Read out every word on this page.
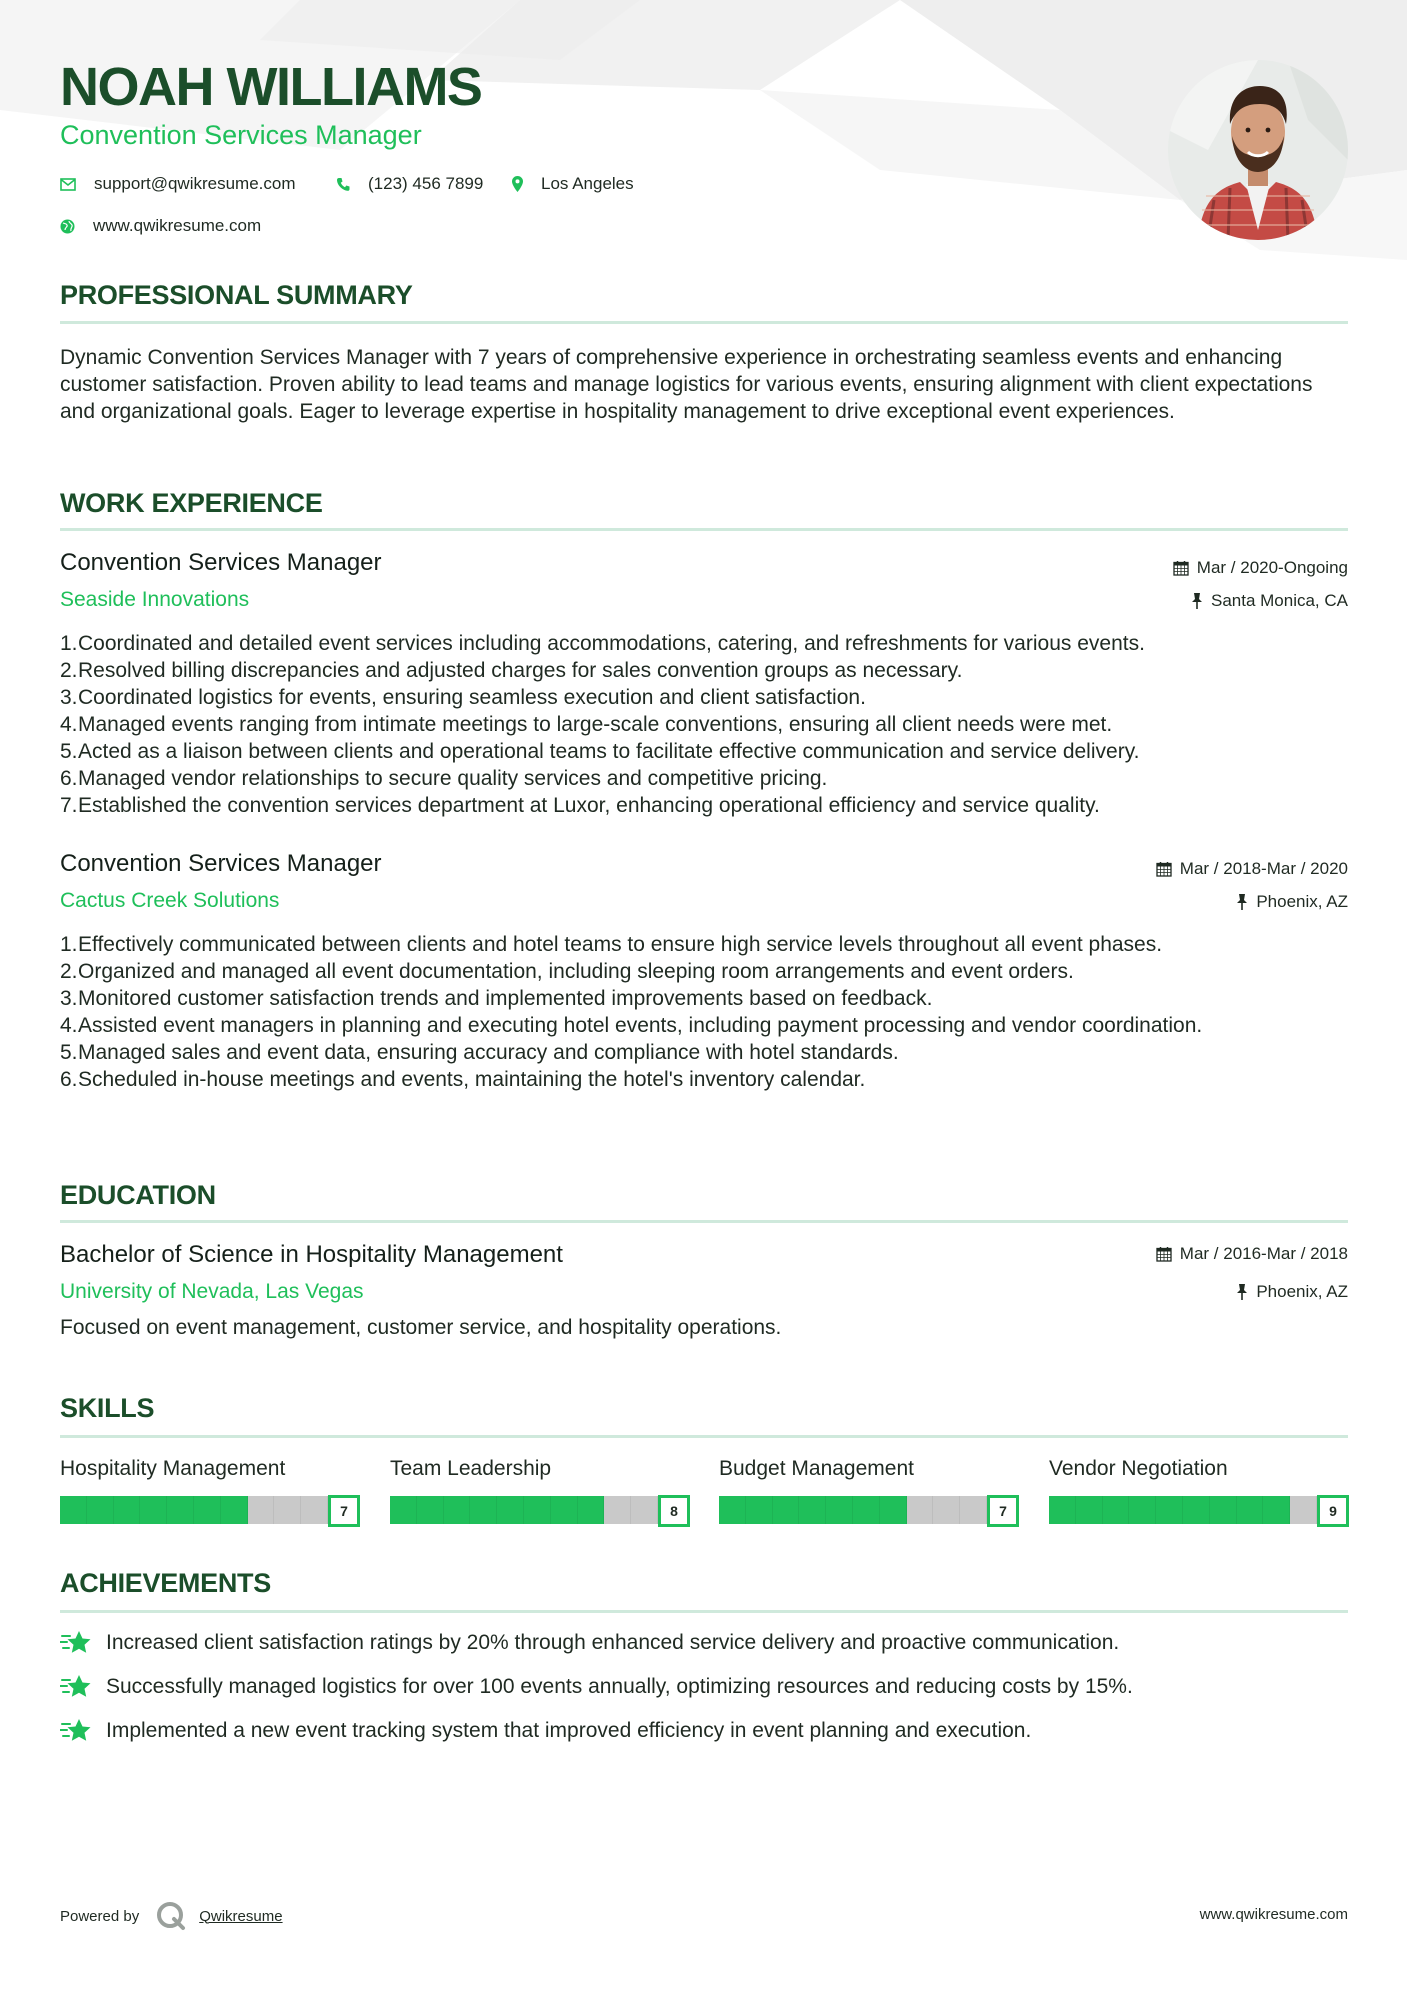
NOAH WILLIAMS
Convention Services Manager
support@qwikresume.com	(123) 456 7899	Los Angeles
www.qwikresume.com
PROFESSIONAL SUMMARY

Dynamic Convention Services Manager with 7 years of comprehensive experience in orchestrating seamless events and enhancing customer satisfaction. Proven ability to lead teams and manage logistics for various events, ensuring alignment with client expectations and organizational goals. Eager to leverage expertise in hospitality management to drive exceptional event experiences.

WORK EXPERIENCE
Convention Services Manager
Seaside Innovations
Mar / 2020-Ongoing
Santa Monica, CA
1. Coordinated and detailed event services including accommodations, catering, and refreshments for various events.
2. Resolved billing discrepancies and adjusted charges for sales convention groups as necessary.
3. Coordinated logistics for events, ensuring seamless execution and client satisfaction.
4. Managed events ranging from intimate meetings to large-scale conventions, ensuring all client needs were met.
5. Acted as a liaison between clients and operational teams to facilitate effective communication and service delivery.
6. Managed vendor relationships to secure quality services and competitive pricing.
7. Established the convention services department at Luxor, enhancing operational efficiency and service quality.
Convention Services Manager
Cactus Creek Solutions
Mar / 2018-Mar / 2020
Phoenix, AZ
1. Effectively communicated between clients and hotel teams to ensure high service levels throughout all event phases.
2. Organized and managed all event documentation, including sleeping room arrangements and event orders.
3. Monitored customer satisfaction trends and implemented improvements based on feedback.
4. Assisted event managers in planning and executing hotel events, including payment processing and vendor coordination.
5. Managed sales and event data, ensuring accuracy and compliance with hotel standards.
6. Scheduled in-house meetings and events, maintaining the hotel's inventory calendar.
EDUCATION
Bachelor of Science in Hospitality Management
University of Nevada, Las Vegas
Mar / 2016-Mar / 2018
Phoenix, AZ
Focused on event management, customer service, and hospitality operations.
SKILLS
Hospitality Management
7
Team Leadership
8
Budget Management
7
Vendor Negotiation
9
ACHIEVEMENTS
Increased client satisfaction ratings by 20% through enhanced service delivery and proactive communication.
Successfully managed logistics for over 100 events annually, optimizing resources and reducing costs by 15%.
Implemented a new event tracking system that improved efficiency in event planning and execution.
Powered by	Qwikresume	www.qwikresume.com
